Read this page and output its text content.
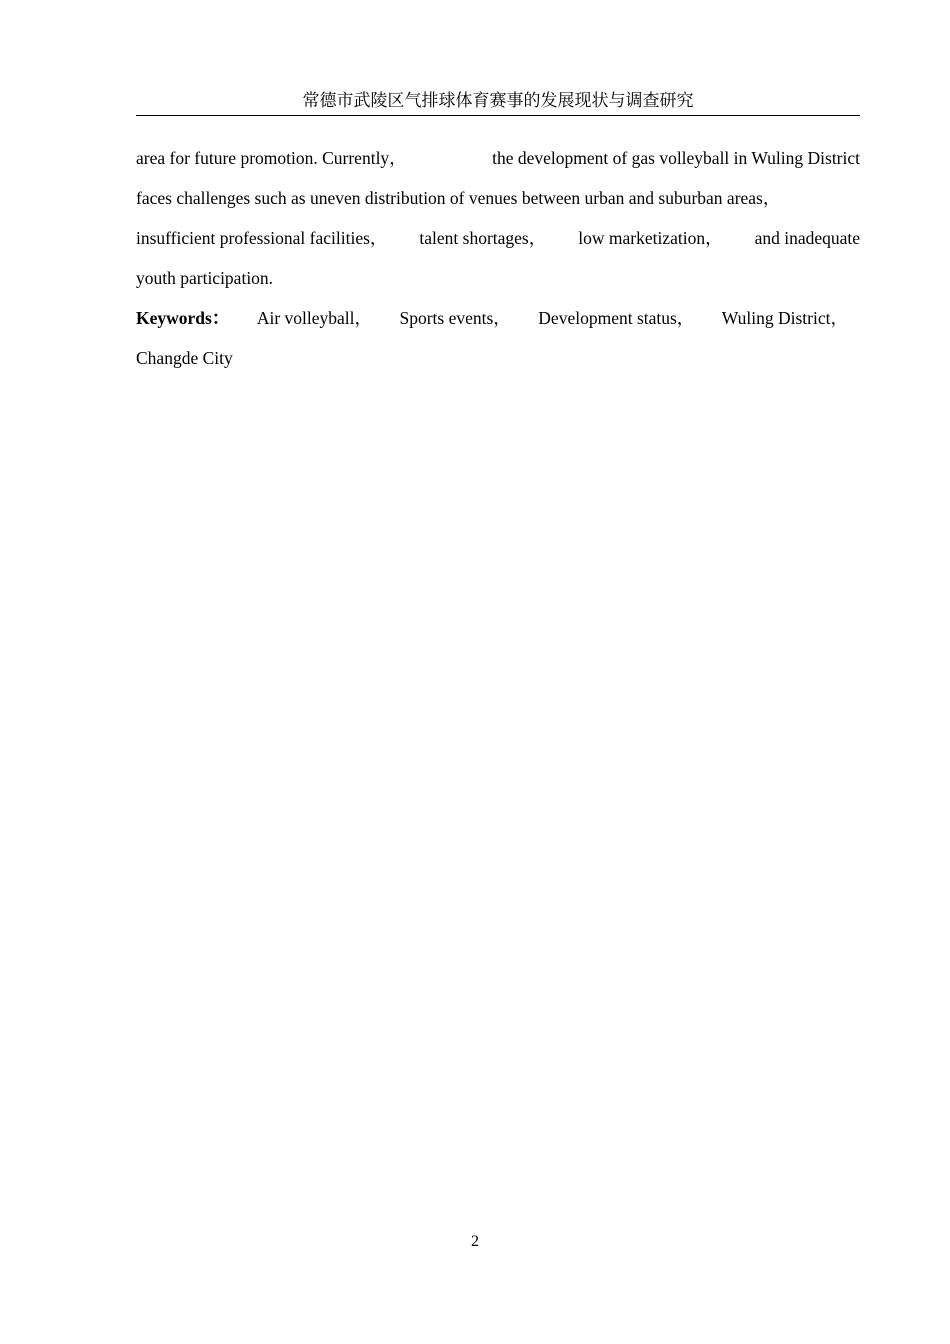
常德市武陵区气排球体育赛事的发展现状与调查研究
area for future promotion. Currently，	the development of gas volleyball in Wuling District
faces challenges such as uneven distribution of venues between urban and suburban areas，
insufficient professional facilities， talent shortages， low marketization， and inadequate
youth participation.
Keywords： Air volleyball， Sports events， Development status， Wuling District，
Changde City
2
